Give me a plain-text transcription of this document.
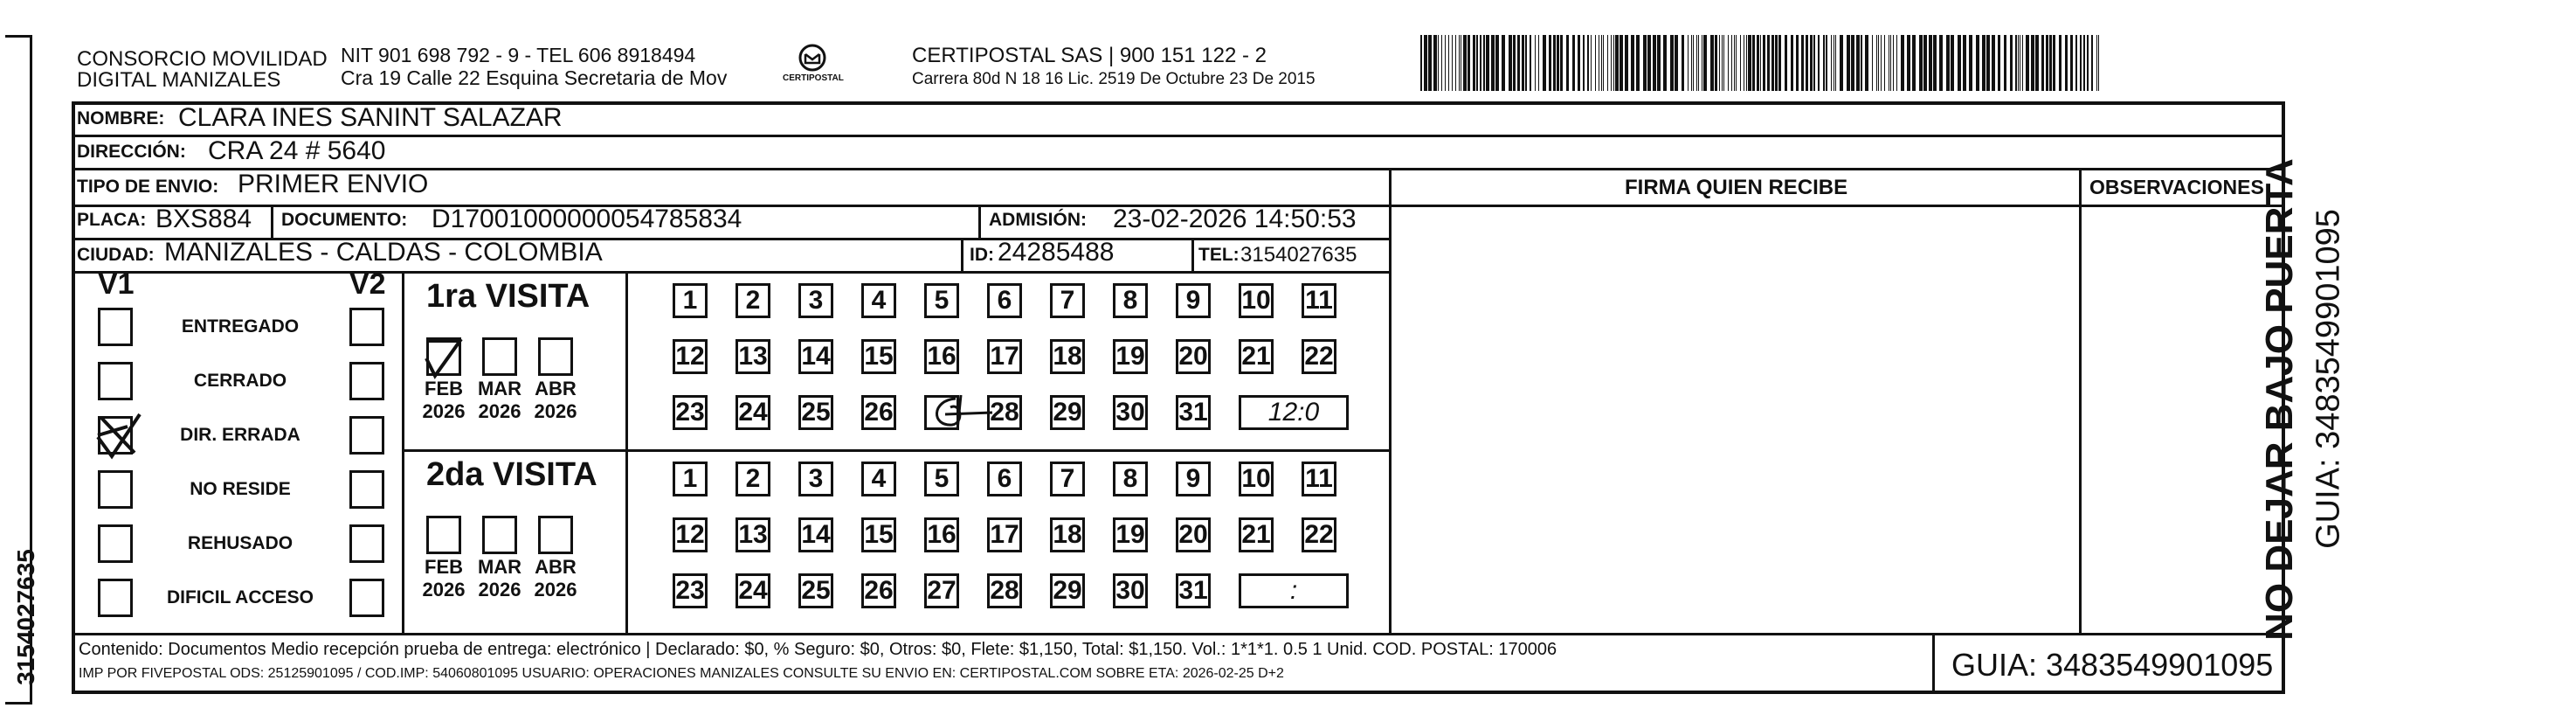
3154027635
CONSORCIO MOVILIDAD
DIGITAL MANIZALES
NIT 901 698 792 - 9 - TEL 606 8918494
Cra 19 Calle 22 Esquina Secretaria de Mov	CERTIPOSTAL
CERTIPOSTAL SAS | 900 151 122 - 2
Carrera 80d N 18 16 Lic. 2519 De Octubre 23 De 2015
FIRMA QUIEN RECIBE	OBSERVACIONES
NOMBRE: CLARA INES SANINT SALAZAR
DIRECCIÓN: CRA 24 # 5640
TIPO DE ENVIO: PRIMER ENVIO
PLACA: BXS884 DOCUMENTO: D17001000000054785834	ADMISIÓN: 23-02-2026 14:50:53
CIUDAD: MANIZALES - CALDAS - COLOMBIA	ID: 24285488	TEL: 3154027635
V1	V2
ENTREGADO
CERRADO
DIR. ERRADA
NO RESIDE
REHUSADO
DIFICIL ACCESO
1ra VISITA
2da VISITA
FEB
2026
MAR
2026
ABR
2026
1	2	3	4	5	6	7	8	9	10 11
12 13 14 15 16 17 18 19 20 21 22
23 24 25 26	28 29 30 31	12:0
FEB
2026
MAR
2026
ABR
2026
1	2	3	4	5	6	7	8	9	10 11
12 13 14 15 16 17 18 19 20 21 22
23 24 25 26 27 28 29 30 31	:
Contenido: Documentos Medio recepción prueba de entrega: electrónico | Declarado: $0, % Seguro: $0, Otros: $0, Flete: $1,150, Total: $1,150. Vol.: 1*1*1. 0.5 1 Unid. COD. POSTAL: 170006
IMP POR FIVEPOSTAL ODS: 25125901095 / COD.IMP: 54060801095 USUARIO: OPERACIONES MANIZALES CONSULTE SU ENVIO EN: CERTIPOSTAL.COM SOBRE ETA: 2026-02-25 D+2	GUIA: 3483549901095
NO DEJAR BAJO PUERTA GUIA: 3483549901095
